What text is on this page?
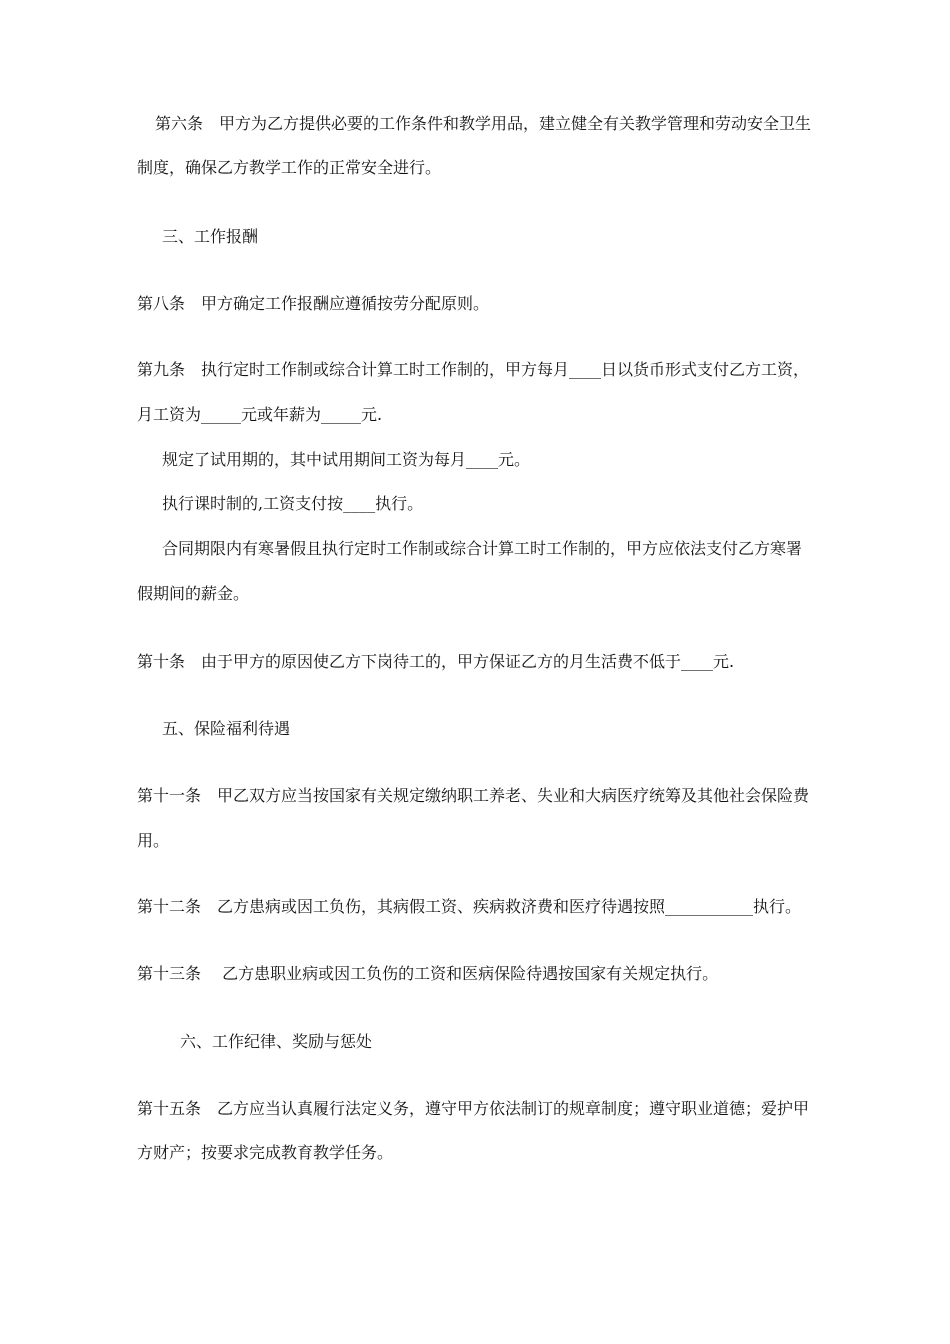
第六条　甲方为乙方提供必要的工作条件和教学用品，建立健全有关教学管理和劳动安全卫生
制度，确保乙方教学工作的正常安全进行。
三、工作报酬
第八条　甲方确定工作报酬应遵循按劳分配原则。
第九条　执行定时工作制或综合计算工时工作制的，甲方每月____日以货币形式支付乙方工资，
月工资为_____元或年薪为_____元.
规定了试用期的，其中试用期间工资为每月____元。
执行课时制的,工资支付按____执行。
合同期限内有寒暑假且执行定时工作制或综合计算工时工作制的，甲方应依法支付乙方寒署
假期间的薪金。
第十条　由于甲方的原因使乙方下岗待工的，甲方保证乙方的月生活费不低于____元.
五、保险福利待遇
第十一条　甲乙双方应当按国家有关规定缴纳职工养老、失业和大病医疗统筹及其他社会保险费
用。
第十二条　乙方患病或因工负伤，其病假工资、疾病救济费和医疗待遇按照___________执行。
第十三条　 乙方患职业病或因工负伤的工资和医病保险待遇按国家有关规定执行。
六、工作纪律、奖励与惩处
第十五条　乙方应当认真履行法定义务，遵守甲方依法制订的规章制度；遵守职业道德；爱护甲
方财产；按要求完成教育教学任务。
